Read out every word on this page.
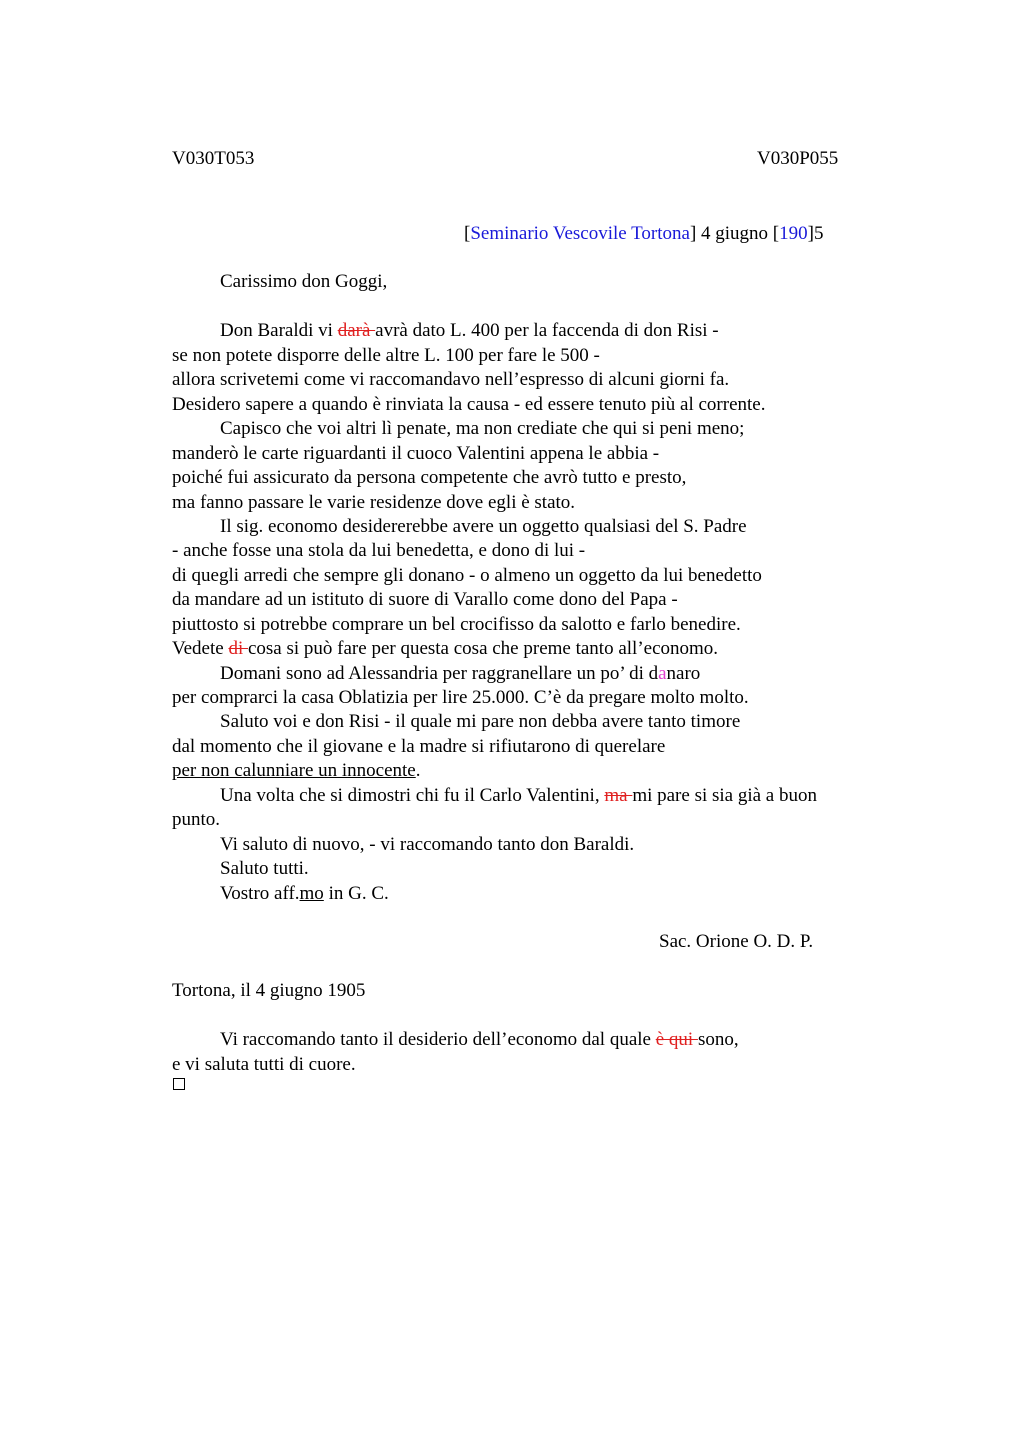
V030T053	V030P055
[Seminario Vescovile Tortona] 4 giugno [190]5
Carissimo don Goggi,
Don Baraldi vi darà avrà dato L. 400 per la faccenda di don Risi -
se non potete disporre delle altre L. 100 per fare le 500 -
allora scrivetemi come vi raccomandavo nell’espresso di alcuni giorni fa.
Desidero sapere a quando è rinviata la causa - ed essere tenuto più al corrente.
Capisco che voi altri lì penate, ma non crediate che qui si peni meno;
manderò le carte riguardanti il cuoco Valentini appena le abbia -
poiché fui assicurato da persona competente che avrò tutto e presto,
ma fanno passare le varie residenze dove egli è stato.
Il sig. economo desidererebbe avere un oggetto qualsiasi del S. Padre
- anche fosse una stola da lui benedetta, e dono di lui -
di quegli arredi che sempre gli donano - o almeno un oggetto da lui benedetto
da mandare ad un istituto di suore di Varallo come dono del Papa -
piuttosto si potrebbe comprare un bel crocifisso da salotto e farlo benedire.
Vedete di cosa si può fare per questa cosa che preme tanto all’economo.
Domani sono ad Alessandria per raggranellare un po’ di danaro
per comprarci la casa Oblatizia per lire 25.000. C’è da pregare molto molto.
Saluto voi e don Risi - il quale mi pare non debba avere tanto timore
dal momento che il giovane e la madre si rifiutarono di querelare
per non calunniare un innocente.
Una volta che si dimostri chi fu il Carlo Valentini, ma mi pare si sia già a buon
punto.
Vi saluto di nuovo, - vi raccomando tanto don Baraldi.
Saluto tutti.
Vostro aff.mo in G. C.
Sac. Orione O. D. P.
Tortona, il 4 giugno 1905
Vi raccomando tanto il desiderio dell’economo dal quale è qui sono,
e vi saluta tutti di cuore.
